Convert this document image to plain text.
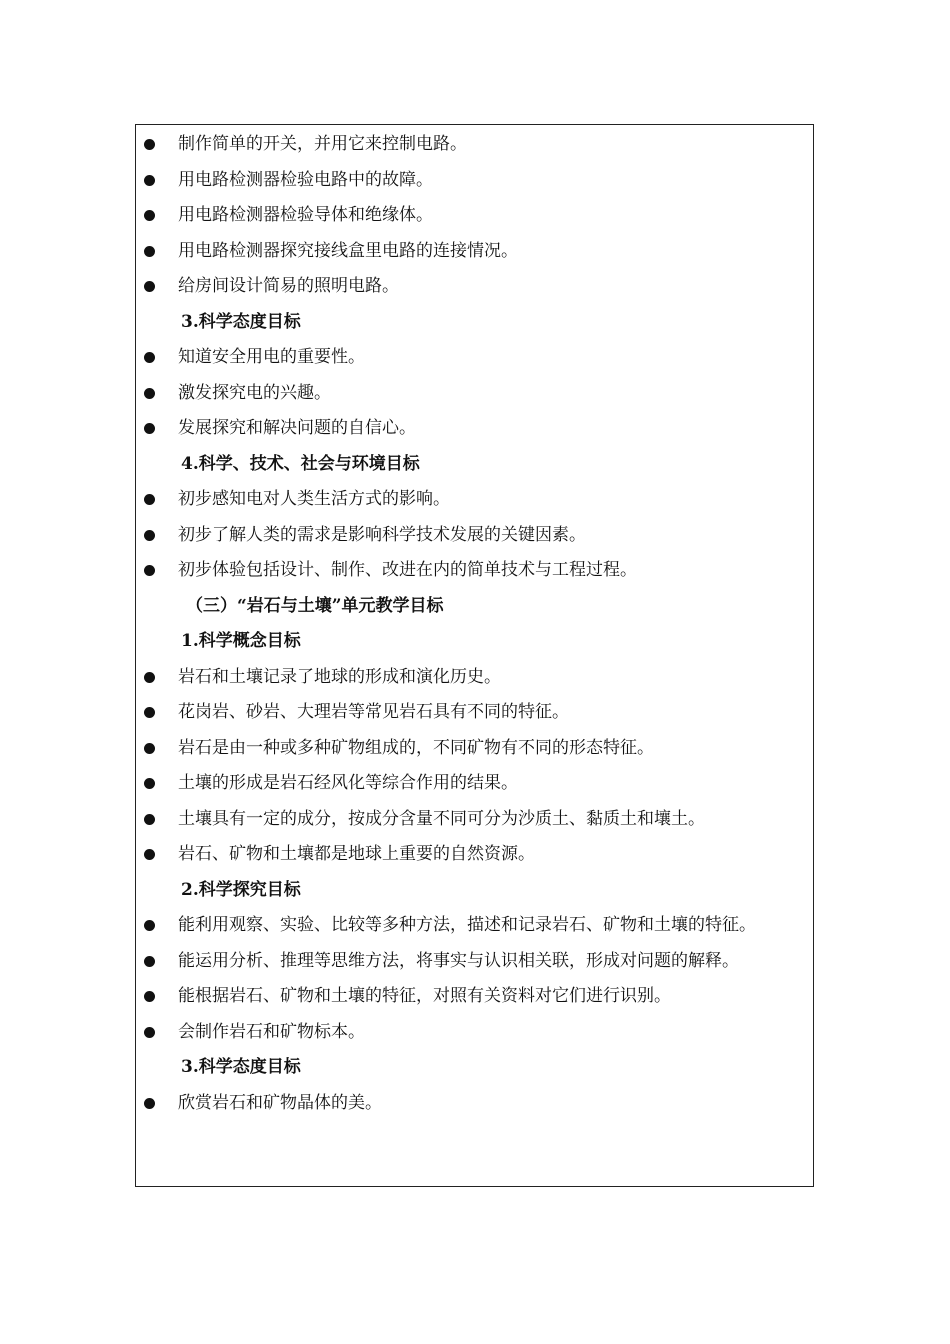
制作简单的开关，并用它来控制电路。
用电路检测器检验电路中的故障。
用电路检测器检验导体和绝缘体。
用电路检测器探究接线盒里电路的连接情况。
给房间设计简易的照明电路。
3.科学态度目标
知道安全用电的重要性。
激发探究电的兴趣。
发展探究和解决问题的自信心。
4.科学、技术、社会与环境目标
初步感知电对人类生活方式的影响。
初步了解人类的需求是影响科学技术发展的关键因素。
初步体验包括设计、制作、改进在内的简单技术与工程过程。
（三）“岩石与土壤”单元教学目标
1.科学概念目标
岩石和土壤记录了地球的形成和演化历史。
花岗岩、砂岩、大理岩等常见岩石具有不同的特征。
岩石是由一种或多种矿物组成的，不同矿物有不同的形态特征。
土壤的形成是岩石经风化等综合作用的结果。
土壤具有一定的成分，按成分含量不同可分为沙质土、黏质土和壤土。
岩石、矿物和土壤都是地球上重要的自然资源。
2.科学探究目标
能利用观察、实验、比较等多种方法，描述和记录岩石、矿物和土壤的特征。
能运用分析、推理等思维方法，将事实与认识相关联，形成对问题的解释。
能根据岩石、矿物和土壤的特征，对照有关资料对它们进行识别。
会制作岩石和矿物标本。
3.科学态度目标
欣赏岩石和矿物晶体的美。
